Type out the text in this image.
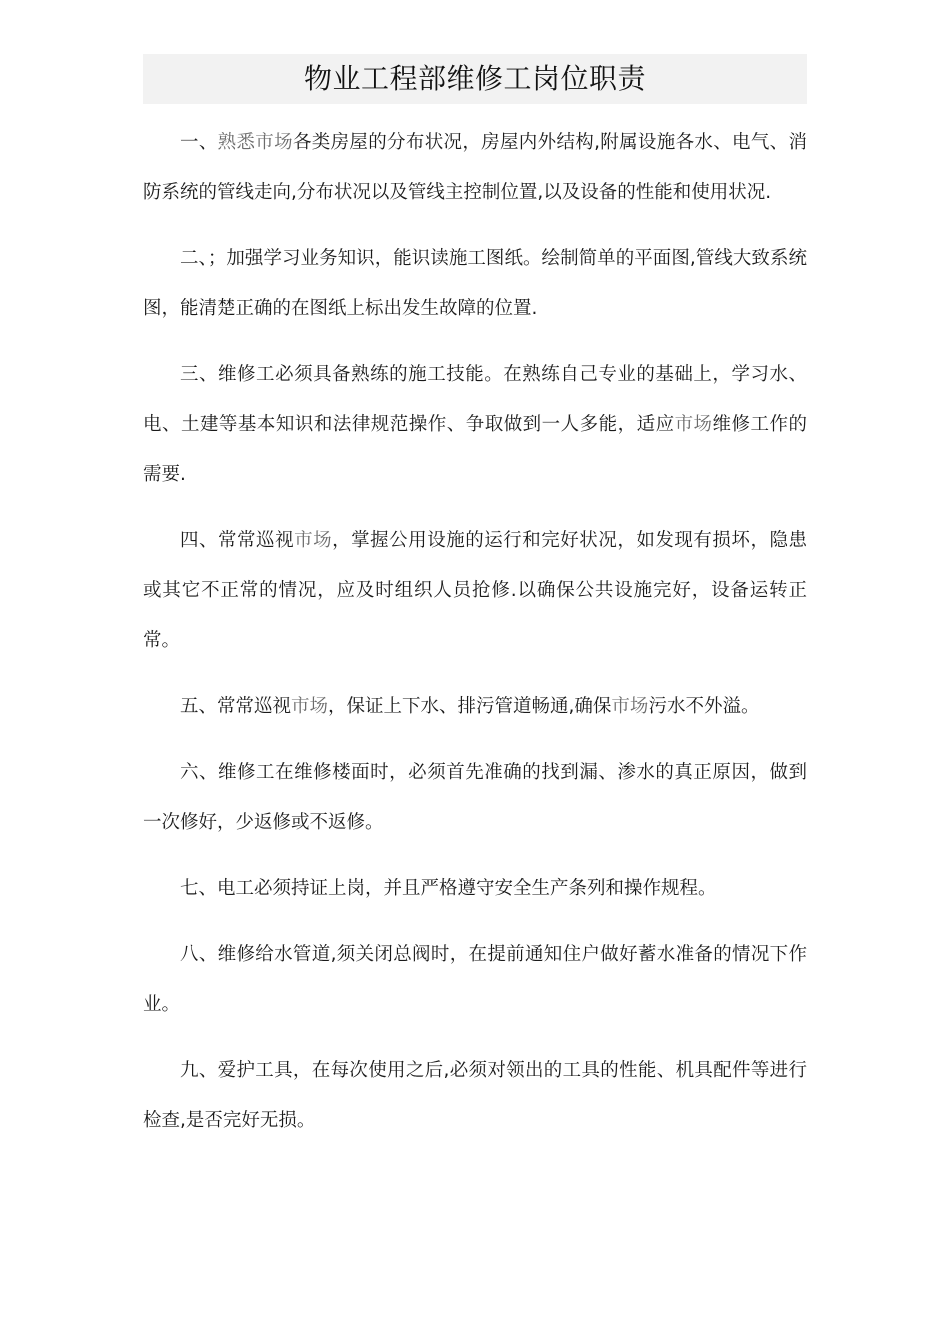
物业工程部维修工岗位职责

一、熟悉市场各类房屋的分布状况，房屋内外结构,附属设施各水、电气、消防系统的管线走向,分布状况以及管线主控制位置,以及设备的性能和使用状况.

二、；加强学习业务知识，能识读施工图纸。绘制简单的平面图,管线大致系统图，能清楚正确的在图纸上标出发生故障的位置.

三、维修工必须具备熟练的施工技能。在熟练自己专业的基础上，学习水、电、土建等基本知识和法律规范操作、争取做到一人多能，适应市场维修工作的需要.

四、常常巡视市场，掌握公用设施的运行和完好状况，如发现有损坏，隐患或其它不正常的情况，应及时组织人员抢修.以确保公共设施完好，设备运转正常。

五、常常巡视市场，保证上下水、排污管道畅通,确保市场污水不外溢。

六、维修工在维修楼面时，必须首先准确的找到漏、渗水的真正原因，做到一次修好，少返修或不返修。

七、电工必须持证上岗，并且严格遵守安全生产条列和操作规程。

八、维修给水管道,须关闭总阀时，在提前通知住户做好蓄水准备的情况下作业。

九、爱护工具，在每次使用之后,必须对领出的工具的性能、机具配件等进行检查,是否完好无损。
